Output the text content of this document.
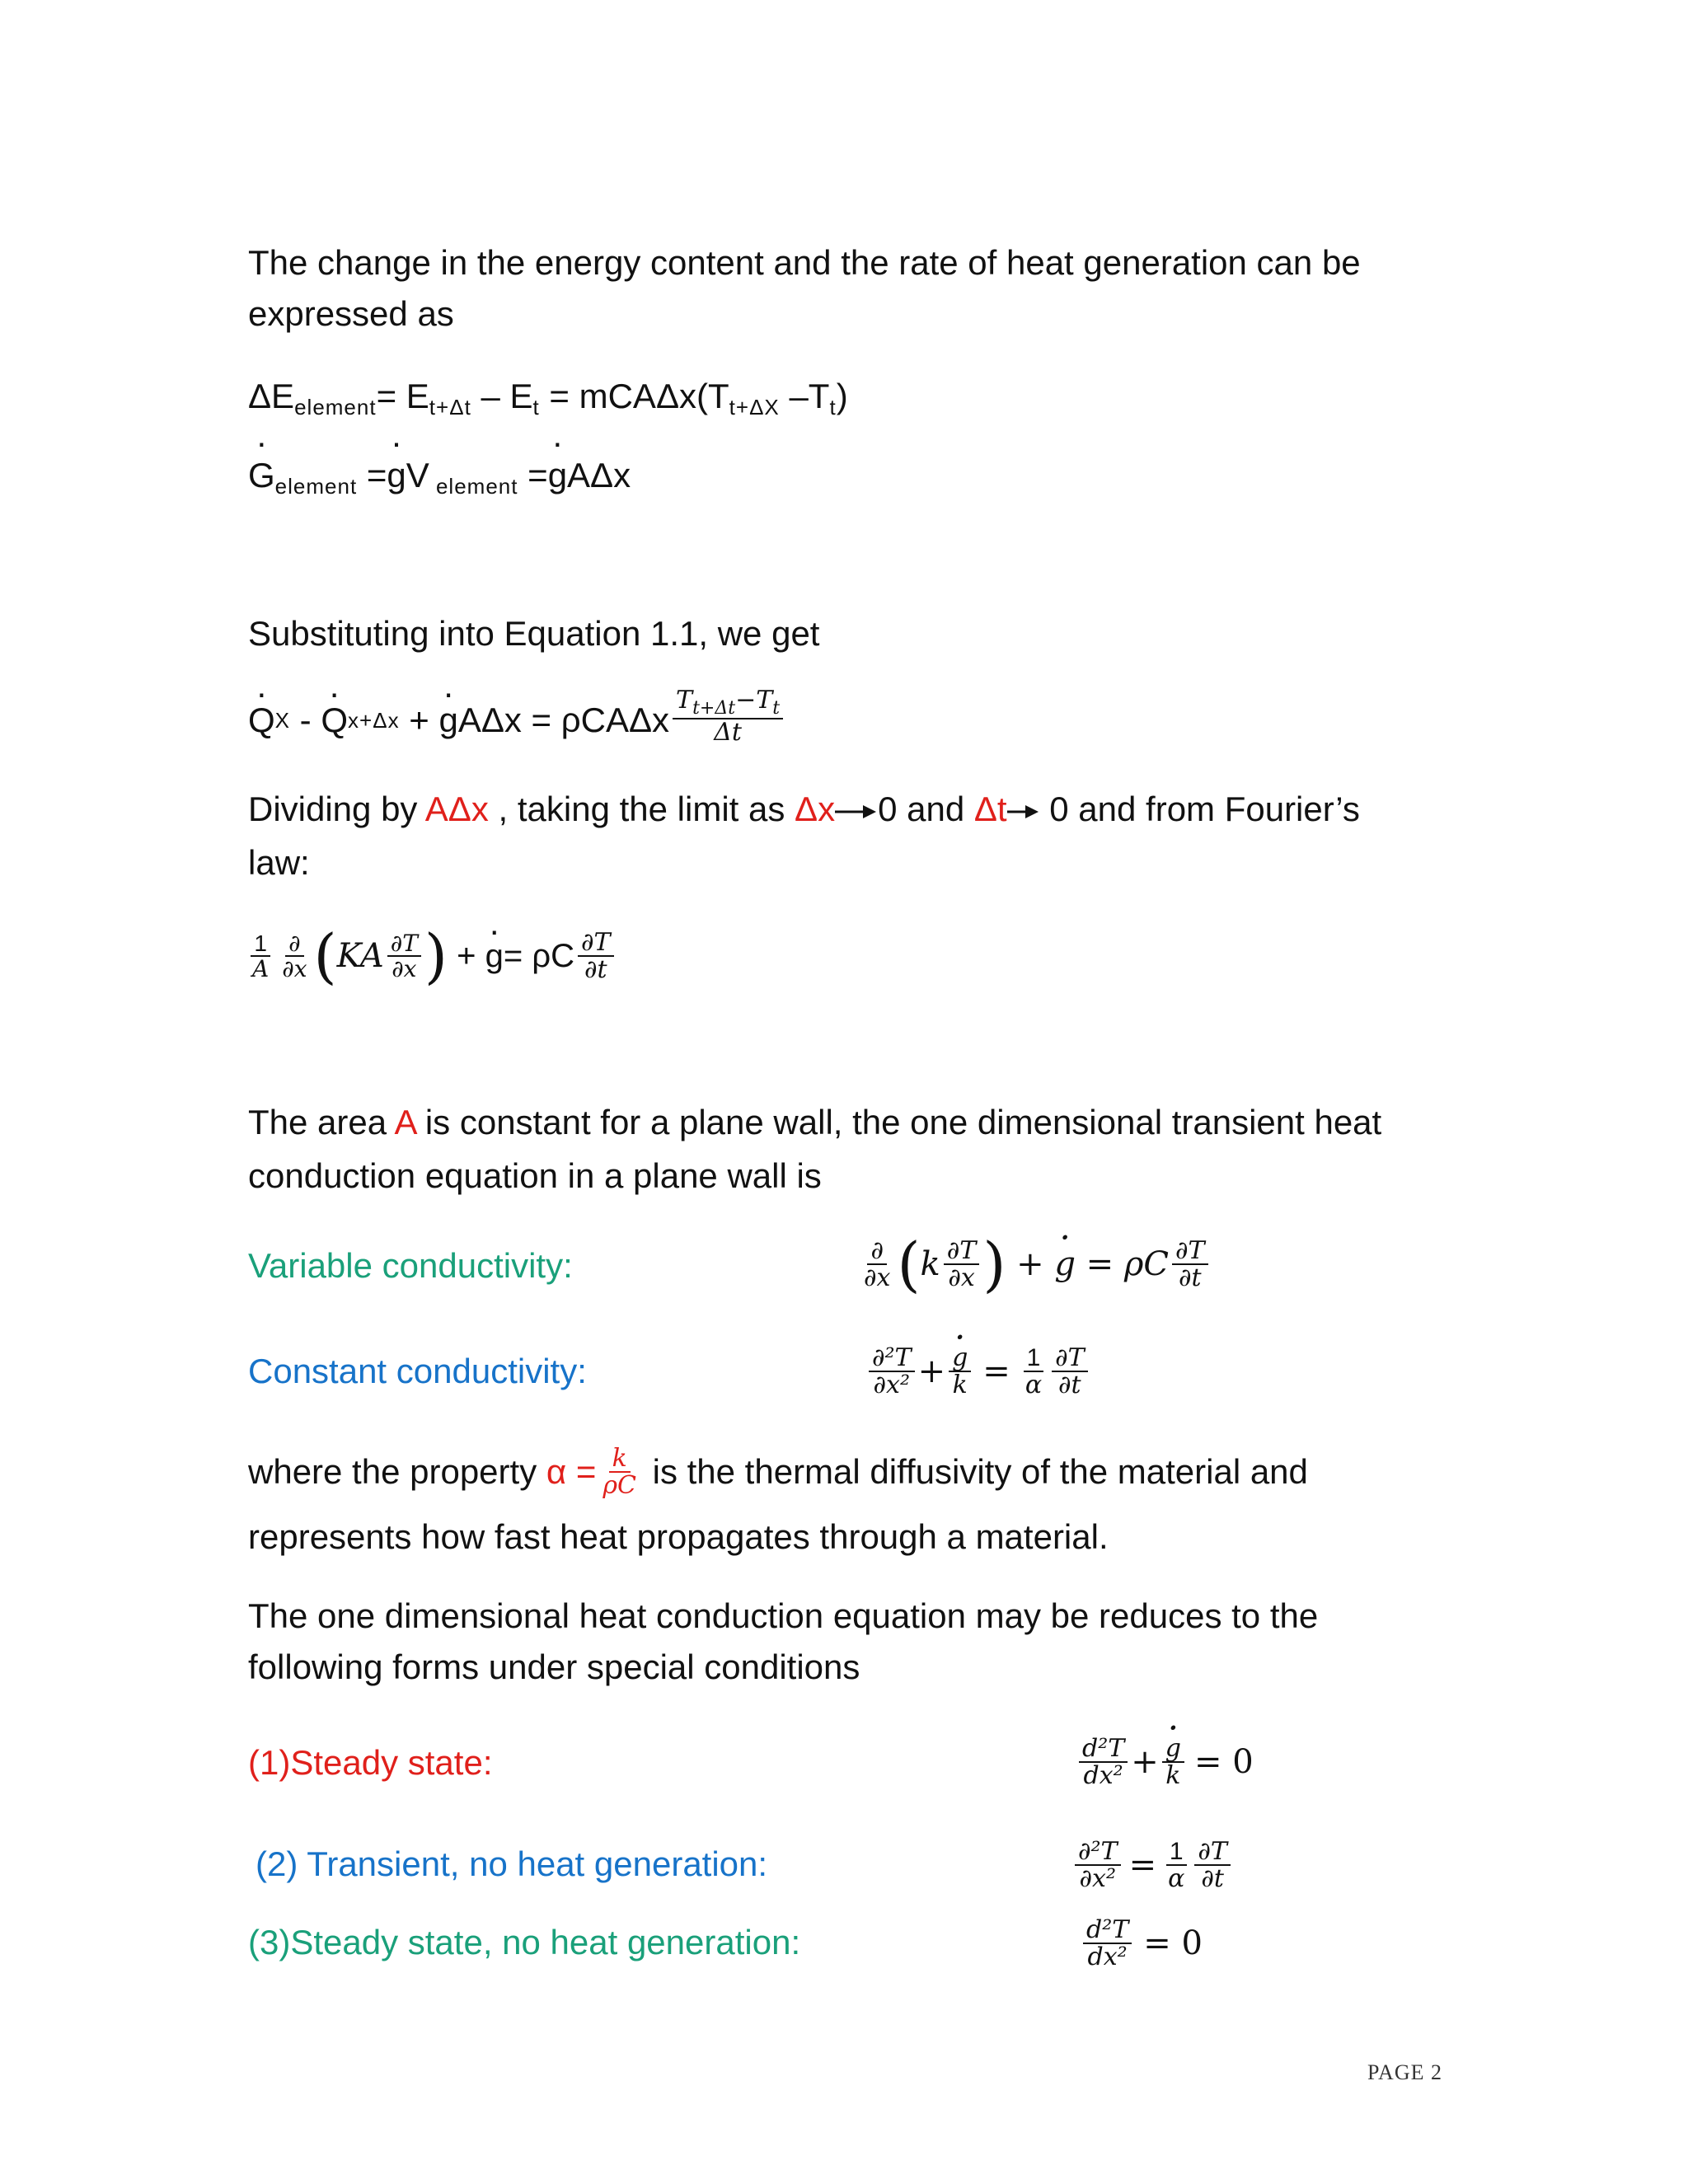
The change in the energy content and the rate of heat generation can be
expressed as
$\Delta E_{element}= E_{t+\Delta t} - E_t = mCA\Delta x(T_{t+\Delta X}$ $-T_t$)
· $G_{element}$ =· gV $_{element}$ =· gAΔx
Substituting into Equation 1.1, we get
· Q X - · Q x+Δx + · g AΔx = ρCAΔx $\frac{T_{t+\Delta t}-T_t}{\Delta t}$
Dividing by AΔx , taking the limit as Δx 0 and Δt 0 and from Fourier’s
law:
$\frac{1}{A} \frac{\partial}{\partial x}$ ( KA $\frac{\partial T}{\partial x}$ ) + · g = ρC $\frac{\partial T}{\partial t}$
The area A is constant for a plane wall, the one dimensional transient heat
conduction equation in a plane wall is
Variable conductivity:	$\frac{\partial}{\partial x}$ ( k $\frac{\partial T}{\partial x}$ ) + · g = ρC $\frac{\partial T}{\partial t}$
Constant conductivity:	$\frac{\text{∂²T}}{\text{∂x²}}$ + · $\frac{g}{k} = \frac{1}{\alpha} \frac{\partial T}{\partial t}$
where the property $\alpha = \frac{k}{\rho C}$ is the thermal diffusivity of the material and
represents how fast heat propagates through a material.
The one dimensional heat conduction equation may be reduces to the
following forms under special conditions
(1)Steady state:	$\frac{\text{d²T}}{\text{dx²}}$ + · $\frac{g}{k} = 0$
(2) Transient, no heat generation:	$\frac{\text{∂²T}}{\text{∂x²}} = \frac{1}{\alpha} \frac{\partial T}{\partial t}$
(3)Steady state, no heat generation:	$\frac{\text{d²T}}{\text{dx²}} = 0$
PAGE 2
